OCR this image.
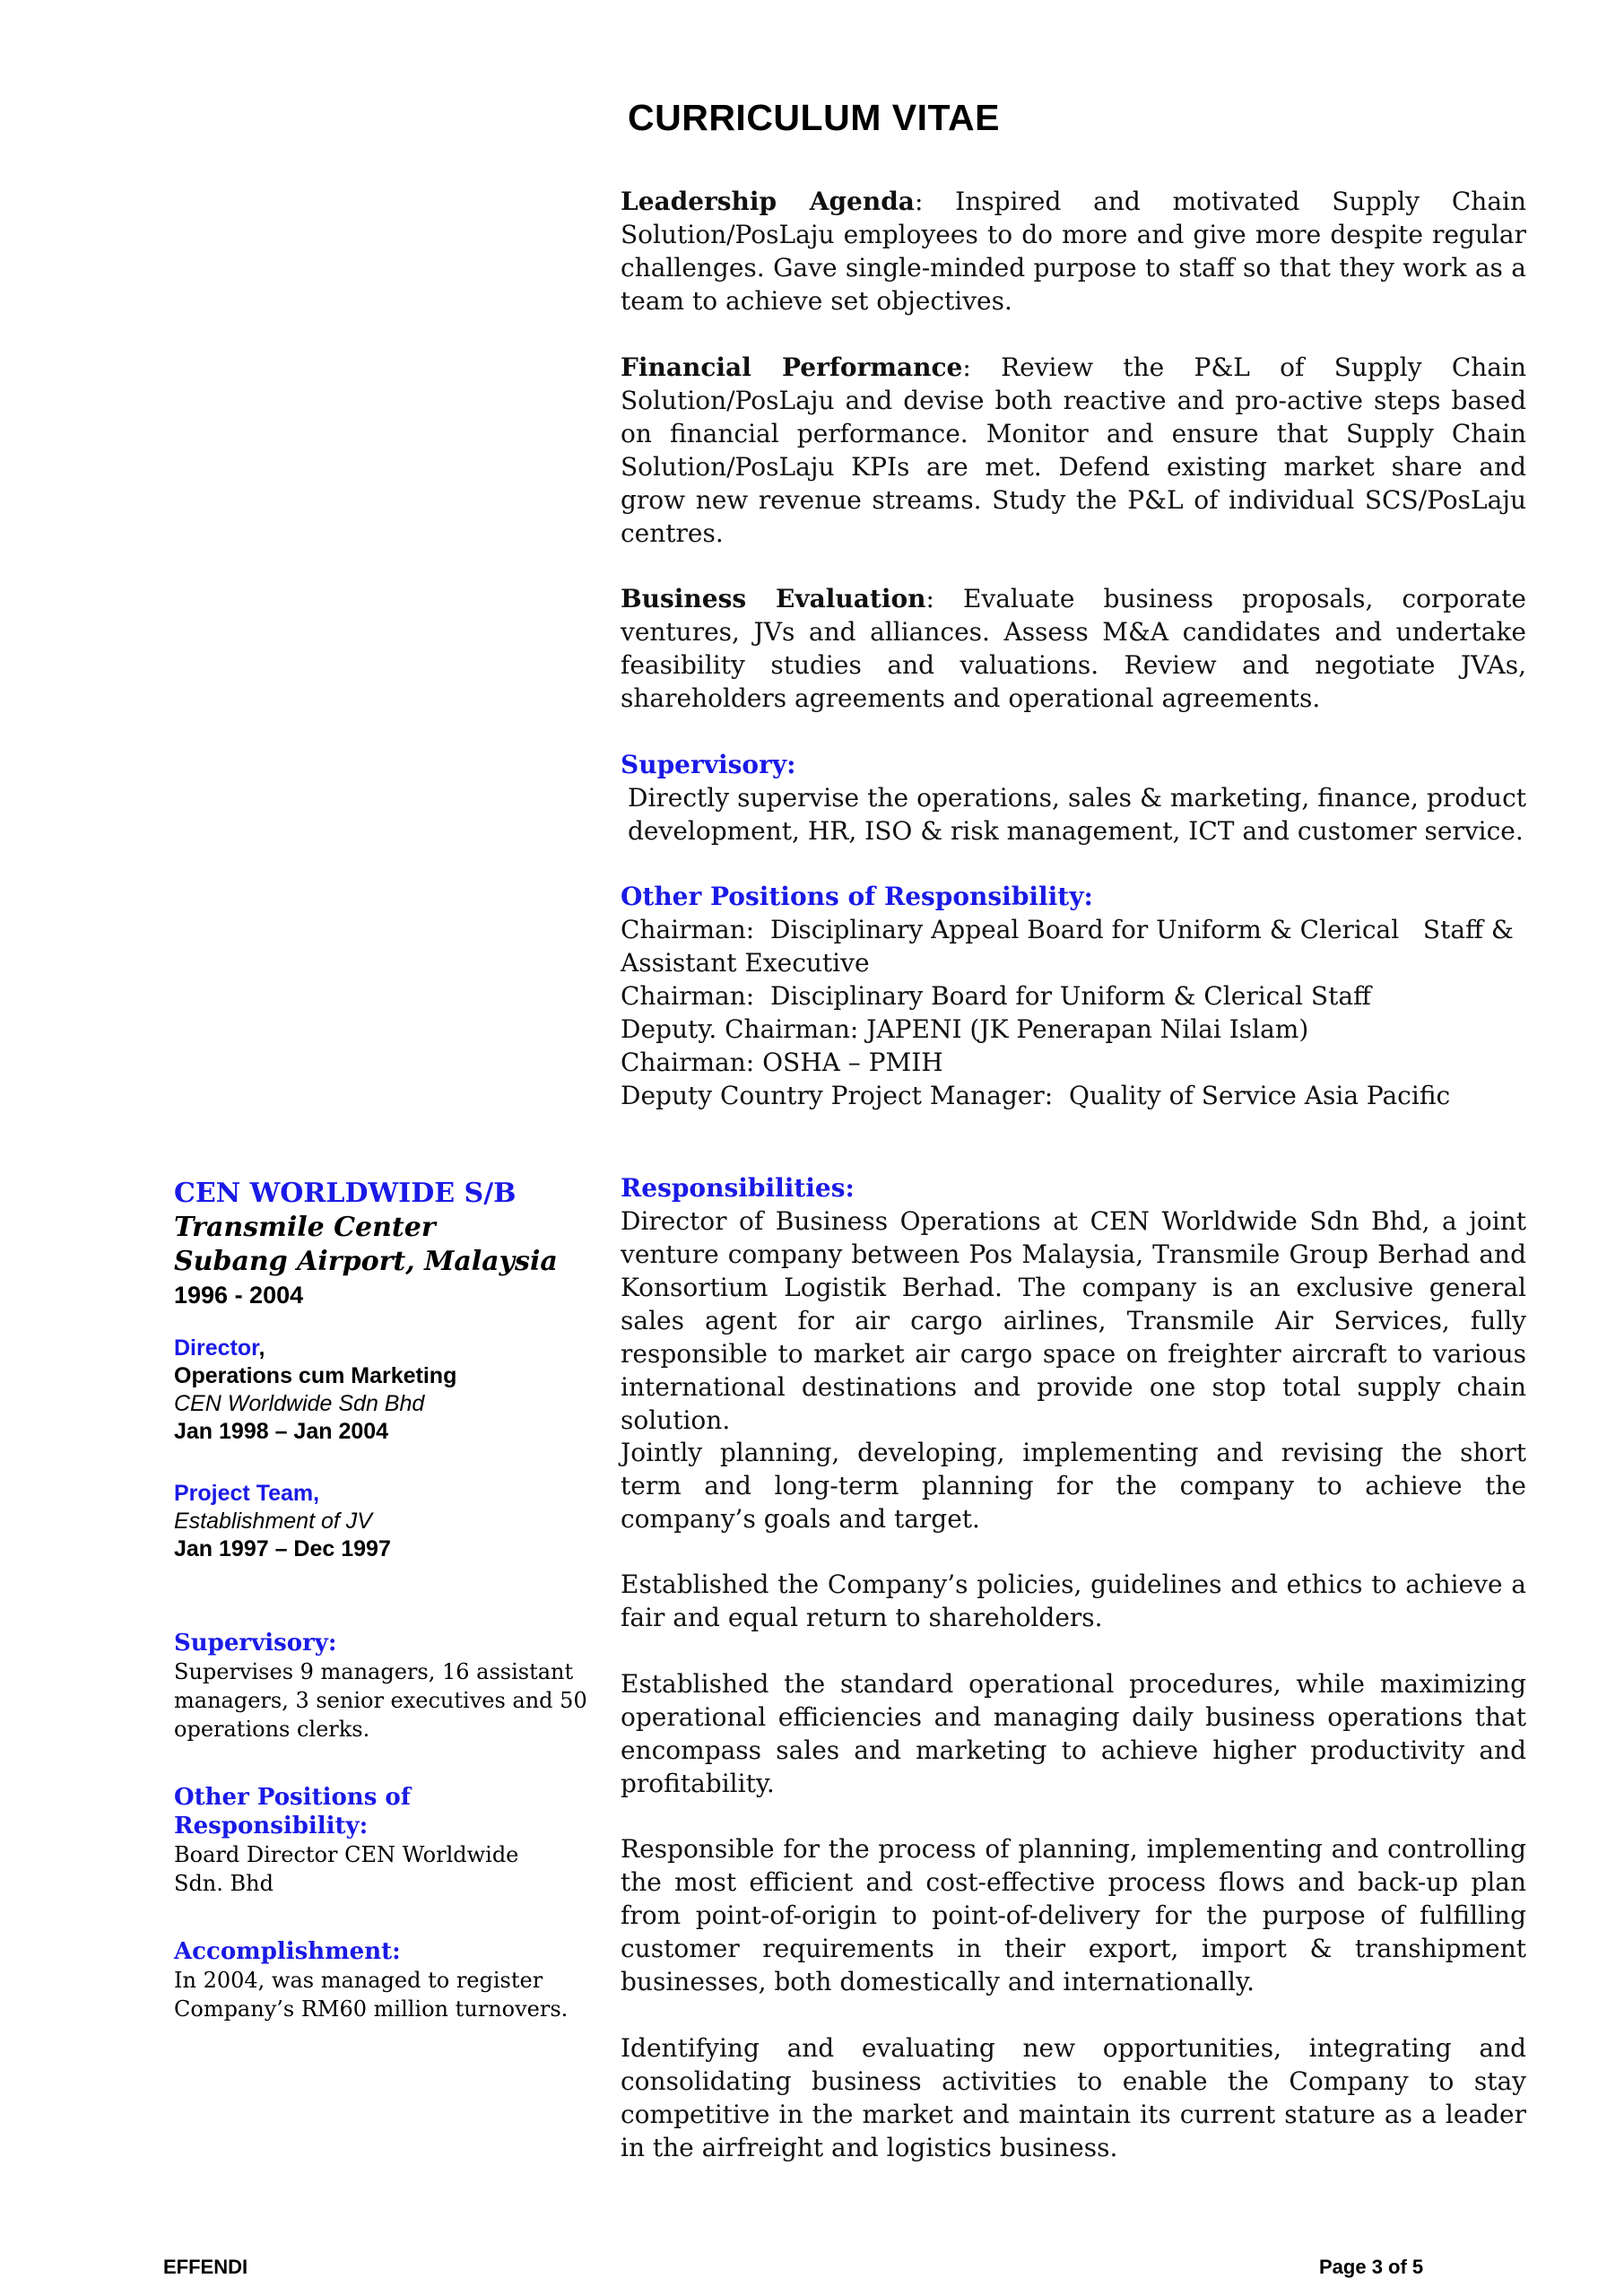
CURRICULUM VITAE

Leadership Agenda: Inspired and motivated Supply Chain Solution/PosLaju employees to do more and give more despite regular challenges. Gave single-minded purpose to staff so that they work as a team to achieve set objectives.

Financial Performance: Review the P&L of Supply Chain Solution/PosLaju and devise both reactive and pro-active steps based on financial performance. Monitor and ensure that Supply Chain Solution/PosLaju KPIs are met. Defend existing market share and grow new revenue streams. Study the P&L of individual SCS/PosLaju centres.

Business Evaluation: Evaluate business proposals, corporate ventures, JVs and alliances. Assess M&A candidates and undertake feasibility studies and valuations. Review and negotiate JVAs, shareholders agreements and operational agreements.

Supervisory:

Directly supervise the operations, sales & marketing, finance, product development, HR, ISO & risk management, ICT and customer service.

Other Positions of Responsibility:
Chairman:  Disciplinary Appeal Board for Uniform & Clerical   Staff &
Assistant Executive
Chairman:  Disciplinary Board for Uniform & Clerical Staff
Deputy. Chairman: JAPENI (JK Penerapan Nilai Islam)
Chairman: OSHA – PMIH
Deputy Country Project Manager:  Quality of Service Asia Pacific
CEN WORLDWIDE S/B
Transmile Center
Subang Airport, Malaysia
1996 - 2004
Director,
Operations cum Marketing
CEN Worldwide Sdn Bhd
Jan 1998 – Jan 2004
Project Team,
Establishment of JV
Jan 1997 – Dec 1997
Supervisory:
Supervises 9 managers, 16 assistant managers, 3 senior executives and 50 operations clerks.
Other Positions of Responsibility:
Board Director CEN Worldwide Sdn. Bhd
Accomplishment:
In 2004, was managed to register Company’s RM60 million turnovers.
Responsibilities:

Director of Business Operations at CEN Worldwide Sdn Bhd, a joint venture company between Pos Malaysia, Transmile Group Berhad and Konsortium Logistik Berhad. The company is an exclusive general sales agent for air cargo airlines, Transmile Air Services, fully responsible to market air cargo space on freighter aircraft to various international destinations and provide one stop total supply chain solution.

Jointly planning, developing, implementing and revising the short term and long-term planning for the company to achieve the company’s goals and target.

Established the Company’s policies, guidelines and ethics to achieve a fair and equal return to shareholders.

Established the standard operational procedures, while maximizing operational efficiencies and managing daily business operations that encompass sales and marketing to achieve higher productivity and profitability.

Responsible for the process of planning, implementing and controlling the most efficient and cost-effective process flows and back-up plan from point-of-origin to point-of-delivery for the purpose of fulfilling customer requirements in their export, import & transhipment businesses, both domestically and internationally.

Identifying and evaluating new opportunities, integrating and consolidating business activities to enable the Company to stay competitive in the market and maintain its current stature as a leader in the airfreight and logistics business.

EFFENDI	Page 3 of 5
